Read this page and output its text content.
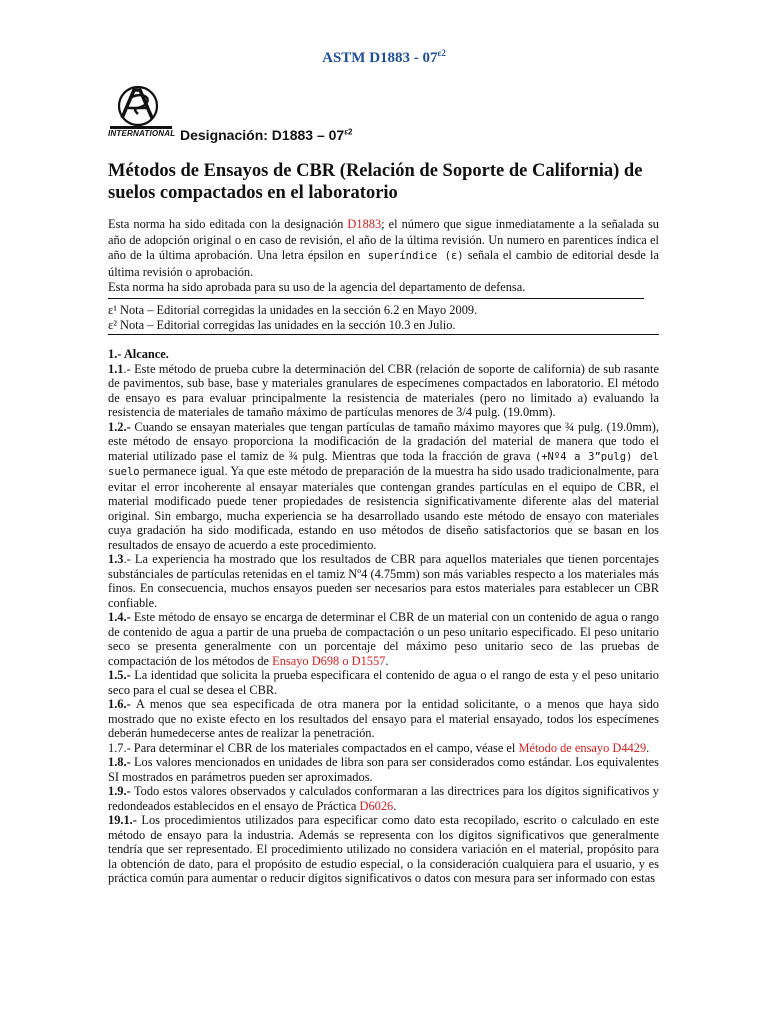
ASTM $D1883 - 07^{\varepsilon 2}$
INTERNATIONAL Designación: $D1883 - 07^{\varepsilon 2}$
Métodos de Ensayos de CBR (Relación de Soporte de California) de suelos compactados en el laboratorio

Esta norma ha sido editada con la designación D1883; el número que sigue inmediatamente a la señalada su año de adopción original o en caso de revisión, el año de la última revisión. Un numero en parentices índica el año de la última aprobación. Una letra épsilon en superíndice (ε) señala el cambio de editorial desde la última revisión o aprobación.

Esta norma ha sido aprobada para su uso de la agencia del departamento de defensa.

ε¹ Nota – Editorial corregidas la unidades en la sección 6.2 en Mayo 2009.

ε² Nota – Editorial corregidas las unidades en la sección 10.3 en Julio.

1.- Alcance.

1.1.- Este método de prueba cubre la determinación del CBR (relación de soporte de california) de sub rasante de pavimentos, sub base, base y materiales granulares de especímenes compactados en laboratorio. El método de ensayo es para evaluar principalmente la resistencia de materiales (pero no limitado a) evaluando la resistencia de materiales de tamaño máximo de partículas menores de 3/4 pulg. (19.0mm).

1.2.- Cuando se ensayan materiales que tengan partículas de tamaño máximo mayores que ¾ pulg. (19.0mm), este método de ensayo proporciona la modificación de la gradación del material de manera que todo el material utilizado pase el tamiz de ¾ pulg. Mientras que toda la fracción de grava (+Nº4 a 3”pulg) del suelo permanece igual. Ya que este método de preparación de la muestra ha sido usado tradicionalmente, para evitar el error incoherente al ensayar materiales que contengan grandes partículas en el equipo de CBR, el material modificado puede tener propiedades de resistencia significativamente diferente alas del material original. Sin embargo, mucha experiencia se ha desarrollado usando este método de ensayo con materiales cuya gradación ha sido modificada, estando en uso métodos de diseño satisfactorios que se basan en los resultados de ensayo de acuerdo a este procedimiento.

1.3.- La experiencia ha mostrado que los resultados de CBR para aquellos materiales que tienen porcentajes substánciales de partículas retenidas en el tamiz Nº4 (4.75mm) son más variables respecto a los materiales más finos. En consecuencia, muchos ensayos pueden ser necesarios para estos materiales para establecer un CBR confiable.

1.4.- Este método de ensayo se encarga de determinar el CBR de un material con un contenido de agua o rango de contenido de agua a partir de una prueba de compactación o un peso unitario especificado. El peso unitario seco se presenta generalmente con un porcentaje del máximo peso unitario seco de las pruebas de compactación de los métodos de Ensayo D698 o D1557.

1.5.- La identidad que solicita la prueba especificara el contenido de agua o el rango de esta y el peso unitario seco para el cual se desea el CBR.

1.6.- A menos que sea especificada de otra manera por la entidad solicitante, o a menos que haya sido mostrado que no existe efecto en los resultados del ensayo para el material ensayado, todos los especímenes deberán humedecerse antes de realizar la penetración.

1.7.- Para determinar el CBR de los materiales compactados en el campo, véase el Método de ensayo D4429.

1.8.- Los valores mencionados en unidades de libra son para ser considerados como estándar. Los equivalentes SI mostrados en parámetros pueden ser aproximados.

1.9.- Todo estos valores observados y calculados conformaran a las directrices para los dígitos significativos y redondeados establecidos en el ensayo de Práctica D6026.

19.1.- Los procedimientos utilizados para especificar como dato esta recopilado, escrito o calculado en este método de ensayo para la industria. Además se representa con los dígitos significativos que generalmente tendría que ser representado. El procedimiento utilizado no considera variación en el material, propósito para la obtención de dato, para el propósito de estudio especial, o la consideración cualquiera para el usuario, y es práctica común para aumentar o reducir dígitos significativos o datos con mesura para ser informado con estas
